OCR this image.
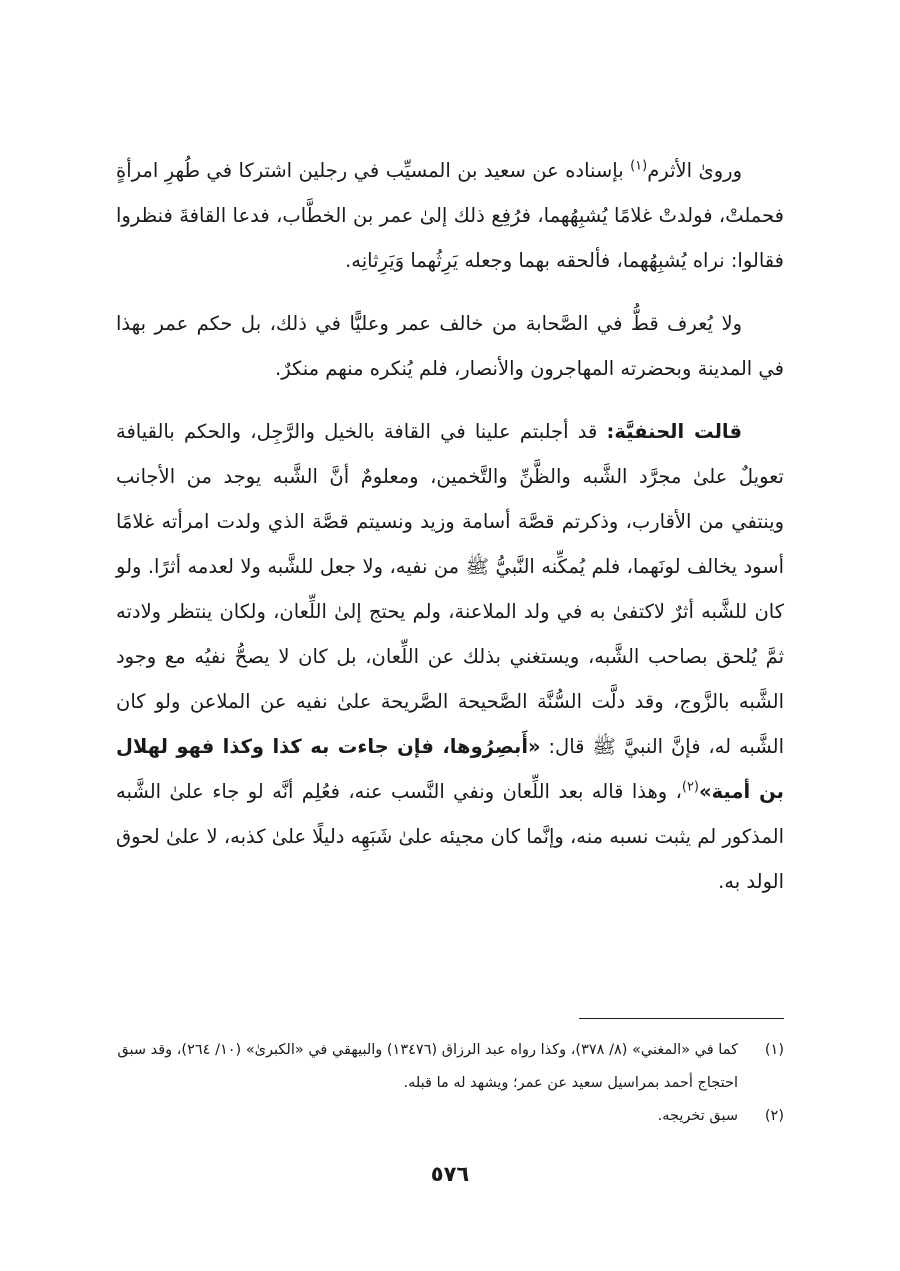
وروىٰ الأثرم$^{(١)}$ بإسناده عن سعيد بن المسيِّب في رجلين اشتركا في طُهرِ امرأةٍ فحملتْ، فولدتْ غلامًا يُشبِهُهما، فرُفِع ذلك إلىٰ عمر بن الخطَّاب، فدعا القافةَ فنظروا فقالوا: نراه يُشبِهُهما، فألحقه بهما وجعله يَرِثُهما وَيَرِثانِه.

ولا يُعرف قطُّ في الصَّحابة من خالف عمر وعليًّا في ذلك، بل حكم عمر بهذا في المدينة وبحضرته المهاجرون والأنصار، فلم يُنكره منهم منكرٌ.

قالت الحنفيَّة: قد أجلبتم علينا في القافة بالخيل والرَّجِل، والحكم بالقيافة تعويلٌ علىٰ مجرَّد الشَّبه والظَّنِّ والتَّخمين، ومعلومٌ أنَّ الشَّبه يوجد من الأجانب وينتفي من الأقارب، وذكرتم قصَّة أسامة وزيد ونسيتم قصَّة الذي ولدت امرأته غلامًا أسود يخالف لونَهما، فلم يُمكِّنه النَّبيُّ ﷺ من نفيه، ولا جعل للشَّبه ولا لعدمه أثرًا. ولو كان للشَّبه أثرٌ لاكتفىٰ به في ولد الملاعنة، ولم يحتج إلىٰ اللِّعان، ولكان ينتظر ولادته ثمَّ يُلحق بصاحب الشَّبه، ويستغني بذلك عن اللِّعان، بل كان لا يصحُّ نفيُه مع وجود الشَّبه بالزَّوج، وقد دلَّت السُّنَّة الصَّحيحة الصَّريحة علىٰ نفيه عن الملاعن ولو كان الشَّبه له، فإنَّ النبيَّ ﷺ قال: «أَبصِرُوها، فإن جاءت به كذا وكذا فهو لهلال بن أمية»$^{(٢)}$، وهذا قاله بعد اللِّعان ونفي النَّسب عنه، فعُلِم أنَّه لو جاء علىٰ الشَّبه المذكور لم يثبت نسبه منه، وإنَّما كان مجيئه علىٰ شَبَهِه دليلًا علىٰ كذبه، لا علىٰ لحوق الولد به.

(١)كما في «المغني» (٨/ ٣٧٨)، وكذا رواه عبد الرزاق (١٣٤٧٦) والبيهقي في «الكبرىٰ» (١٠/ ٢٦٤)، وقد سبق احتجاج أحمد بمراسيل سعيد عن عمر؛ ويشهد له ما قبله.

(٢)سبق تخريجه.

٥٧٦
